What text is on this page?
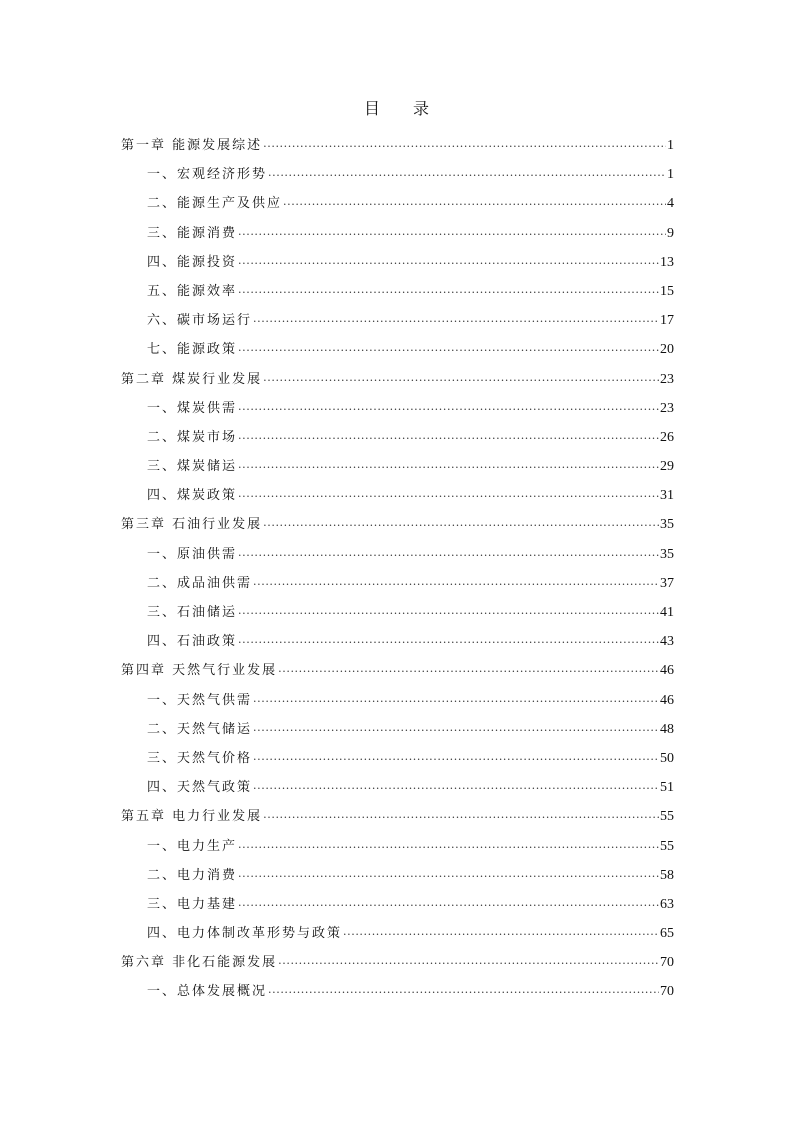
目 录
第一章 能源发展综述 .....	1
一、宏观经济形势 .....	1
二、能源生产及供应 .....	4
三、能源消费 .....	9
四、能源投资 .....	13
五、能源效率 .....	15
六、碳市场运行 .....	17
七、能源政策 .....	20
第二章 煤炭行业发展 .....	23
一、煤炭供需 .....	23
二、煤炭市场 .....	26
三、煤炭储运 .....	29
四、煤炭政策 .....	31
第三章 石油行业发展 .....	35
一、原油供需 .....	35
二、成品油供需 .....	37
三、石油储运 .....	41
四、石油政策 .....	43
第四章 天然气行业发展 .....	46
一、天然气供需 .....	46
二、天然气储运 .....	48
三、天然气价格 .....	50
四、天然气政策 .....	51
第五章 电力行业发展 .....	55
一、电力生产 .....	55
二、电力消费 .....	58
三、电力基建 .....	63
四、电力体制改革形势与政策 .....	65
第六章 非化石能源发展 .....	70
一、总体发展概况 .....	70
